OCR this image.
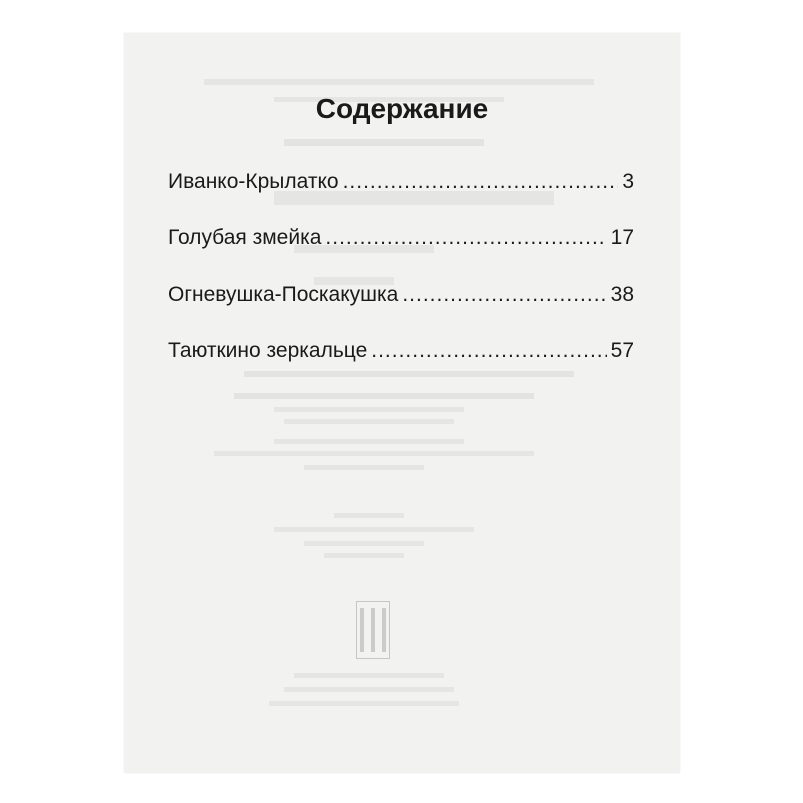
Содержание
Иванко-Крылатко .....	3
Голубая змейка .....	17
Огневушка-Поскакушка .....	38
Таюткино зеркальце .....	57
